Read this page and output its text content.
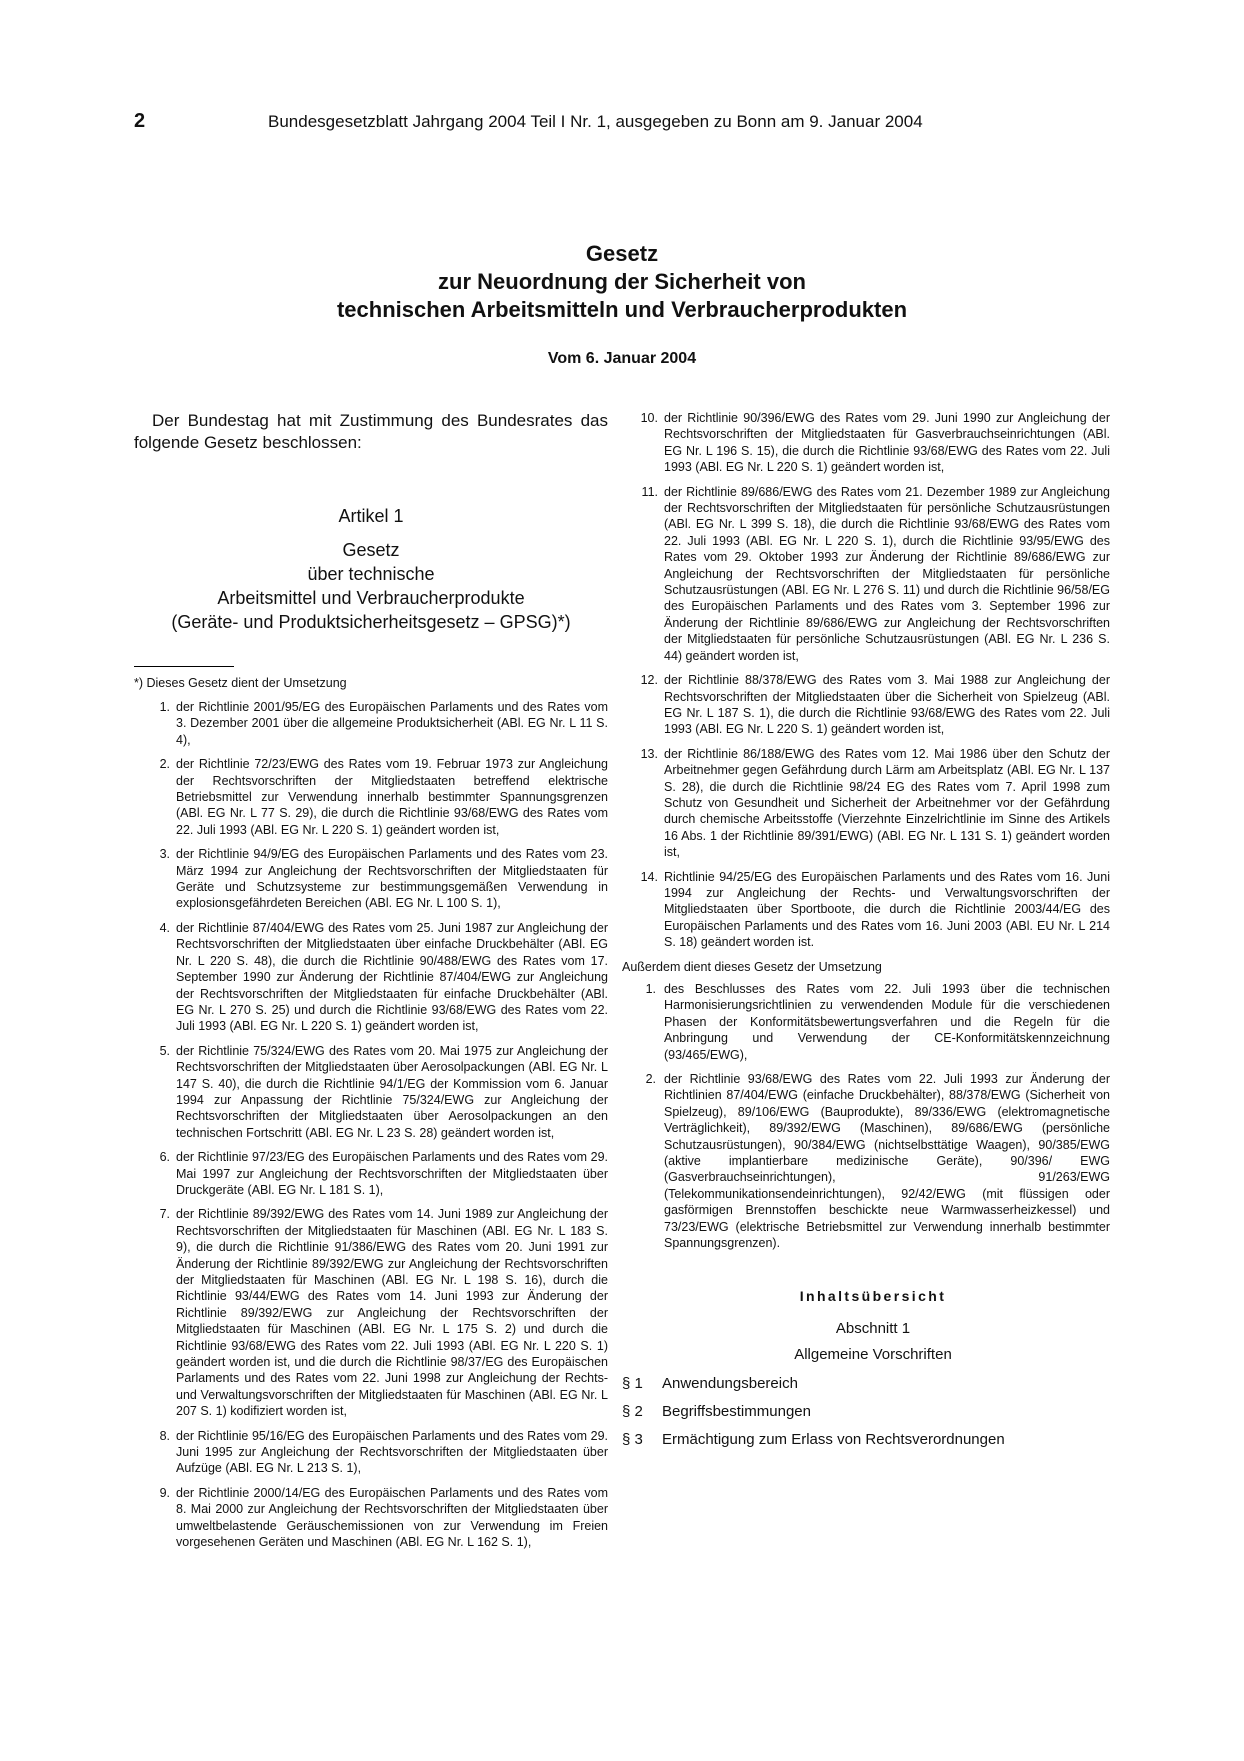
2	Bundesgesetzblatt Jahrgang 2004 Teil I Nr. 1, ausgegeben zu Bonn am 9. Januar 2004
Gesetz
zur Neuordnung der Sicherheit von
technischen Arbeitsmitteln und Verbraucherprodukten
Vom 6. Januar 2004

Der Bundestag hat mit Zustimmung des Bundesrates das folgende Gesetz beschlossen:

Artikel 1
Gesetz
über technische
Arbeitsmittel und Verbraucherprodukte
(Geräte- und Produktsicherheitsgesetz – GPSG)*)
*) Dieses Gesetz dient der Umsetzung
1. der Richtlinie 2001/95/EG des Europäischen Parlaments und des Rates vom 3. Dezember 2001 über die allgemeine Produktsicherheit (ABl. EG Nr. L 11 S. 4),
2. der Richtlinie 72/23/EWG des Rates vom 19. Februar 1973 zur Angleichung der Rechtsvorschriften der Mitgliedstaaten betreffend elektrische Betriebsmittel zur Verwendung innerhalb bestimmter Spannungsgrenzen (ABl. EG Nr. L 77 S. 29), die durch die Richtlinie 93/68/EWG des Rates vom 22. Juli 1993 (ABl. EG Nr. L 220 S. 1) geändert worden ist,
3. der Richtlinie 94/9/EG des Europäischen Parlaments und des Rates vom 23. März 1994 zur Angleichung der Rechtsvorschriften der Mitgliedstaaten für Geräte und Schutzsysteme zur bestimmungsgemäßen Verwendung in explosionsgefährdeten Bereichen (ABl. EG Nr. L 100 S. 1),
4. der Richtlinie 87/404/EWG des Rates vom 25. Juni 1987 zur Angleichung der Rechtsvorschriften der Mitgliedstaaten über einfache Druckbehälter (ABl. EG Nr. L 220 S. 48), die durch die Richtlinie 90/488/EWG des Rates vom 17. September 1990 zur Änderung der Richtlinie 87/404/EWG zur Angleichung der Rechtsvorschriften der Mitgliedstaaten für einfache Druckbehälter (ABl. EG Nr. L 270 S. 25) und durch die Richtlinie 93/68/EWG des Rates vom 22. Juli 1993 (ABl. EG Nr. L 220 S. 1) geändert worden ist,
5. der Richtlinie 75/324/EWG des Rates vom 20. Mai 1975 zur Angleichung der Rechtsvorschriften der Mitgliedstaaten über Aerosolpackungen (ABl. EG Nr. L 147 S. 40), die durch die Richtlinie 94/1/EG der Kommission vom 6. Januar 1994 zur Anpassung der Richtlinie 75/324/EWG zur Angleichung der Rechtsvorschriften der Mitgliedstaaten über Aerosolpackungen an den technischen Fortschritt (ABl. EG Nr. L 23 S. 28) geändert worden ist,
6. der Richtlinie 97/23/EG des Europäischen Parlaments und des Rates vom 29. Mai 1997 zur Angleichung der Rechtsvorschriften der Mitgliedstaaten über Druckgeräte (ABl. EG Nr. L 181 S. 1),
7. der Richtlinie 89/392/EWG des Rates vom 14. Juni 1989 zur Angleichung der Rechtsvorschriften der Mitgliedstaaten für Maschinen (ABl. EG Nr. L 183 S. 9), die durch die Richtlinie 91/386/EWG des Rates vom 20. Juni 1991 zur Änderung der Richtlinie 89/392/EWG zur Angleichung der Rechtsvorschriften der Mitgliedstaaten für Maschinen (ABl. EG Nr. L 198 S. 16), durch die Richtlinie 93/44/EWG des Rates vom 14. Juni 1993 zur Änderung der Richtlinie 89/392/EWG zur Angleichung der Rechtsvorschriften der Mitgliedstaaten für Maschinen (ABl. EG Nr. L 175 S. 2) und durch die Richtlinie 93/68/EWG des Rates vom 22. Juli 1993 (ABl. EG Nr. L 220 S. 1) geändert worden ist, und die durch die Richtlinie 98/37/EG des Europäischen Parlaments und des Rates vom 22. Juni 1998 zur Angleichung der Rechts- und Verwaltungsvorschriften der Mitgliedstaaten für Maschinen (ABl. EG Nr. L 207 S. 1) kodifiziert worden ist,
8. der Richtlinie 95/16/EG des Europäischen Parlaments und des Rates vom 29. Juni 1995 zur Angleichung der Rechtsvorschriften der Mitgliedstaaten über Aufzüge (ABl. EG Nr. L 213 S. 1),
9. der Richtlinie 2000/14/EG des Europäischen Parlaments und des Rates vom 8. Mai 2000 zur Angleichung der Rechtsvorschriften der Mitgliedstaaten über umweltbelastende Geräuschemissionen von zur Verwendung im Freien vorgesehenen Geräten und Maschinen (ABl. EG Nr. L 162 S. 1),
10. der Richtlinie 90/396/EWG des Rates vom 29. Juni 1990 zur Angleichung der Rechtsvorschriften der Mitgliedstaaten für Gasverbrauchseinrichtungen (ABl. EG Nr. L 196 S. 15), die durch die Richtlinie 93/68/EWG des Rates vom 22. Juli 1993 (ABl. EG Nr. L 220 S. 1) geändert worden ist,
11. der Richtlinie 89/686/EWG des Rates vom 21. Dezember 1989 zur Angleichung der Rechtsvorschriften der Mitgliedstaaten für persönliche Schutzausrüstungen (ABl. EG Nr. L 399 S. 18), die durch die Richtlinie 93/68/EWG des Rates vom 22. Juli 1993 (ABl. EG Nr. L 220 S. 1), durch die Richtlinie 93/95/EWG des Rates vom 29. Oktober 1993 zur Änderung der Richtlinie 89/686/EWG zur Angleichung der Rechtsvorschriften der Mitgliedstaaten für persönliche Schutzausrüstungen (ABl. EG Nr. L 276 S. 11) und durch die Richtlinie 96/58/EG des Europäischen Parlaments und des Rates vom 3. September 1996 zur Änderung der Richtlinie 89/686/EWG zur Angleichung der Rechtsvorschriften der Mitgliedstaaten für persönliche Schutzausrüstungen (ABl. EG Nr. L 236 S. 44) geändert worden ist,
12. der Richtlinie 88/378/EWG des Rates vom 3. Mai 1988 zur Angleichung der Rechtsvorschriften der Mitgliedstaaten über die Sicherheit von Spielzeug (ABl. EG Nr. L 187 S. 1), die durch die Richtlinie 93/68/EWG des Rates vom 22. Juli 1993 (ABl. EG Nr. L 220 S. 1) geändert worden ist,
13. der Richtlinie 86/188/EWG des Rates vom 12. Mai 1986 über den Schutz der Arbeitnehmer gegen Gefährdung durch Lärm am Arbeitsplatz (ABl. EG Nr. L 137 S. 28), die durch die Richtlinie 98/24 EG des Rates vom 7. April 1998 zum Schutz von Gesundheit und Sicherheit der Arbeitnehmer vor der Gefährdung durch chemische Arbeitsstoffe (Vierzehnte Einzelrichtlinie im Sinne des Artikels 16 Abs. 1 der Richtlinie 89/391/EWG) (ABl. EG Nr. L 131 S. 1) geändert worden ist,
14. Richtlinie 94/25/EG des Europäischen Parlaments und des Rates vom 16. Juni 1994 zur Angleichung der Rechts- und Verwaltungsvorschriften der Mitgliedstaaten über Sportboote, die durch die Richtlinie 2003/44/EG des Europäischen Parlaments und des Rates vom 16. Juni 2003 (ABl. EU Nr. L 214 S. 18) geändert worden ist.
Außerdem dient dieses Gesetz der Umsetzung
1. des Beschlusses des Rates vom 22. Juli 1993 über die technischen Harmonisierungsrichtlinien zu verwendenden Module für die verschiedenen Phasen der Konformitätsbewertungsverfahren und die Regeln für die Anbringung und Verwendung der CE-Konformitätskennzeichnung (93/465/EWG),
2. der Richtlinie 93/68/EWG des Rates vom 22. Juli 1993 zur Änderung der Richtlinien 87/404/EWG (einfache Druckbehälter), 88/378/EWG (Sicherheit von Spielzeug), 89/106/EWG (Bauprodukte), 89/336/EWG (elektromagnetische Verträglichkeit), 89/392/EWG (Maschinen), 89/686/EWG (persönliche Schutzausrüstungen), 90/384/EWG (nichtselbsttätige Waagen), 90/385/EWG (aktive implantierbare medizinische Geräte), 90/396/ EWG (Gasverbrauchseinrichtungen), 91/263/EWG (Telekommunikationsendeinrichtungen), 92/42/EWG (mit flüssigen oder gasförmigen Brennstoffen beschickte neue Warmwasserheizkessel) und 73/23/EWG (elektrische Betriebsmittel zur Verwendung innerhalb bestimmter Spannungsgrenzen).
Inhaltsübersicht
Abschnitt 1
Allgemeine Vorschriften
§ 1 Anwendungsbereich
§ 2 Begriffsbestimmungen
§ 3 Ermächtigung zum Erlass von Rechtsverordnungen
